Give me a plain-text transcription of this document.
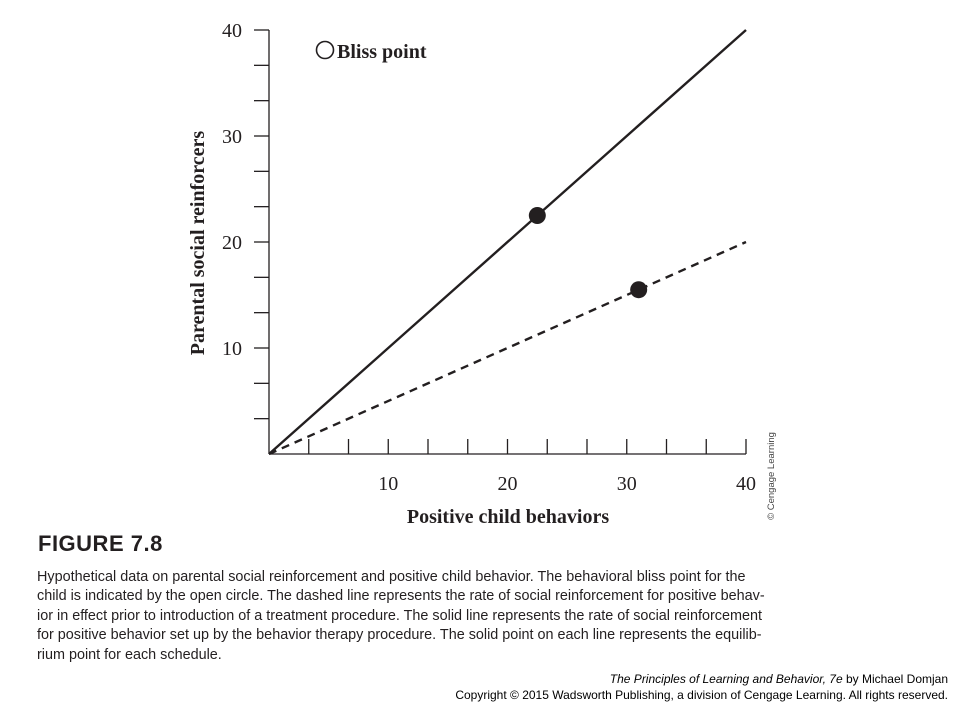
10
20
30
40
10	20	30	40
Bliss point
Positive child behaviors
Parental social reinforcers
© Cengage Learning
FIGURE 7.8
Hypothetical data on parental social reinforcement and positive child behavior. The behavioral bliss point for the
child is indicated by the open circle. The dashed line represents the rate of social reinforcement for positive behav-
ior in effect prior to introduction of a treatment procedure. The solid line represents the rate of social reinforcement
for positive behavior set up by the behavior therapy procedure. The solid point on each line represents the equilib-
rium point for each schedule.
The Principles of Learning and Behavior, 7e by Michael Domjan
Copyright © 2015 Wadsworth Publishing, a division of Cengage Learning. All rights reserved.
